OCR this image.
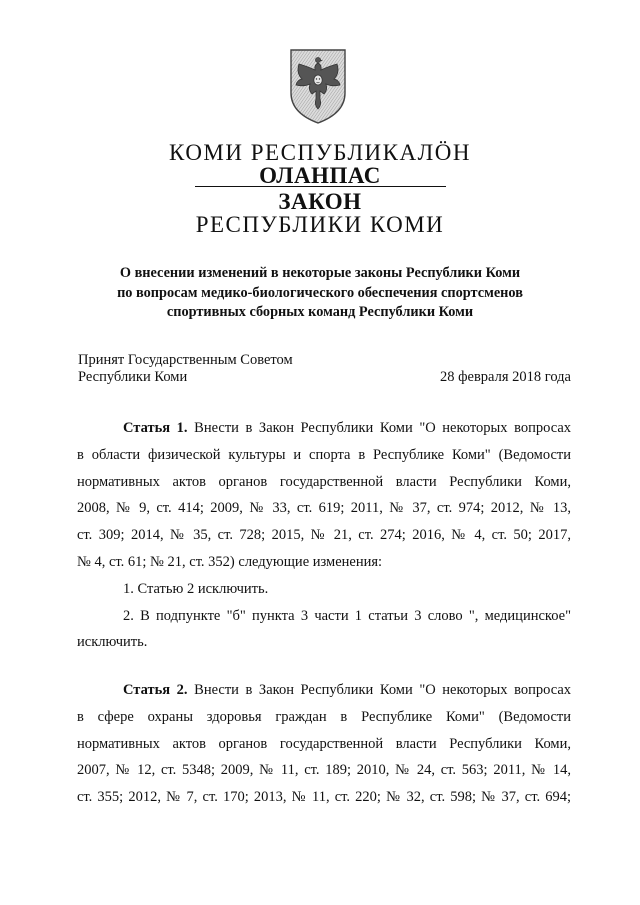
КОМИ РЕСПУБЛИКАЛӦН
ОЛАНПАС
ЗАКОН
РЕСПУБЛИКИ КОМИ
О внесении изменений в некоторые законы Республики Коми
по вопросам медико-биологического обеспечения спортсменов
спортивных сборных команд Республики Коми
Принят Государственным Советом
Республики Коми	28 февраля 2018 года
Статья 1. Внести в Закон Республики Коми "О некоторых вопросах
в области физической культуры и спорта в Республике Коми" (Ведомости
нормативных актов органов государственной власти Республики Коми,
2008, № 9, ст. 414; 2009, № 33, ст. 619; 2011, № 37, ст. 974; 2012, № 13,
ст. 309; 2014, № 35, ст. 728; 2015, № 21, ст. 274; 2016, № 4, ст. 50; 2017,
№ 4, ст. 61; № 21, ст. 352) следующие изменения:
1. Статью 2 исключить.
2. В подпункте "б" пункта 3 части 1 статьи 3 слово ", медицинское"
исключить.
Статья 2. Внести в Закон Республики Коми "О некоторых вопросах
в сфере охраны здоровья граждан в Республике Коми" (Ведомости
нормативных актов органов государственной власти Республики Коми,
2007, № 12, ст. 5348; 2009, № 11, ст. 189; 2010, № 24, ст. 563; 2011, № 14,
ст. 355; 2012, № 7, ст. 170; 2013, № 11, ст. 220; № 32, ст. 598; № 37, ст. 694;
